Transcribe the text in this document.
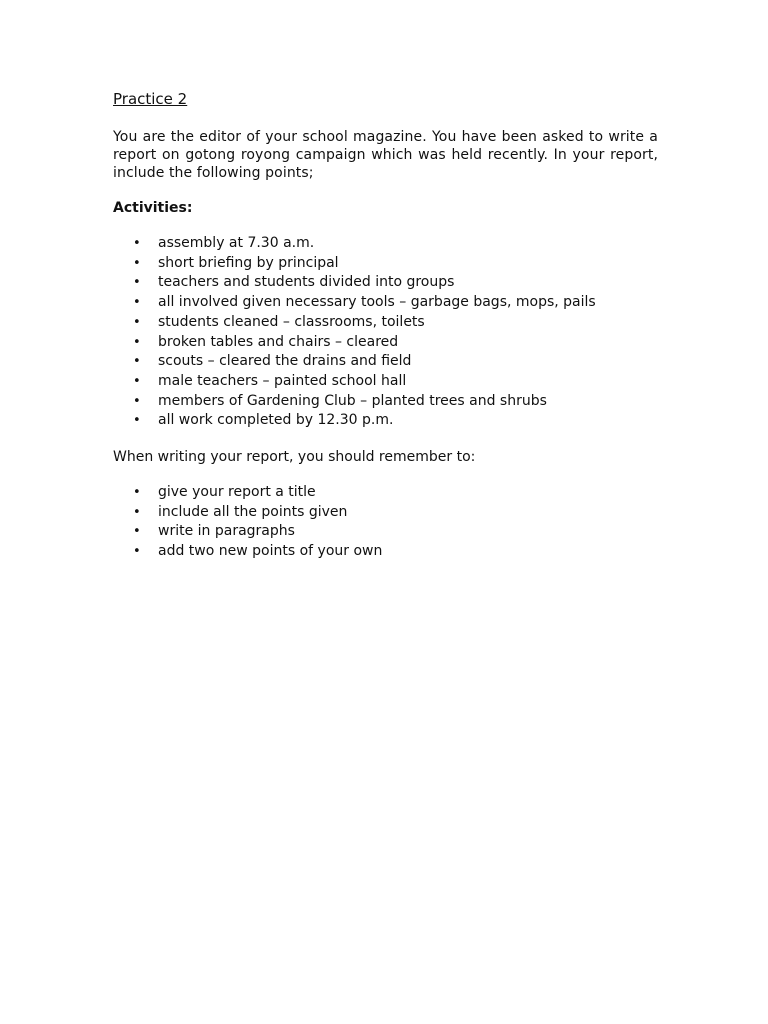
Practice 2

You are the editor of your school magazine. You have been asked to write a report on gotong royong campaign which was held recently. In your report, include the following points;

Activities:

• assembly at 7.30 a.m.
• short briefing by principal
• teachers and students divided into groups
• all involved given necessary tools – garbage bags, mops, pails
• students cleaned – classrooms, toilets
• broken tables and chairs – cleared
• scouts – cleared the drains and field
• male teachers – painted school hall
• members of Gardening Club – planted trees and shrubs
• all work completed by 12.30 p.m.

When writing your report, you should remember to:

• give your report a title
• include all the points given
• write in paragraphs
• add two new points of your own
